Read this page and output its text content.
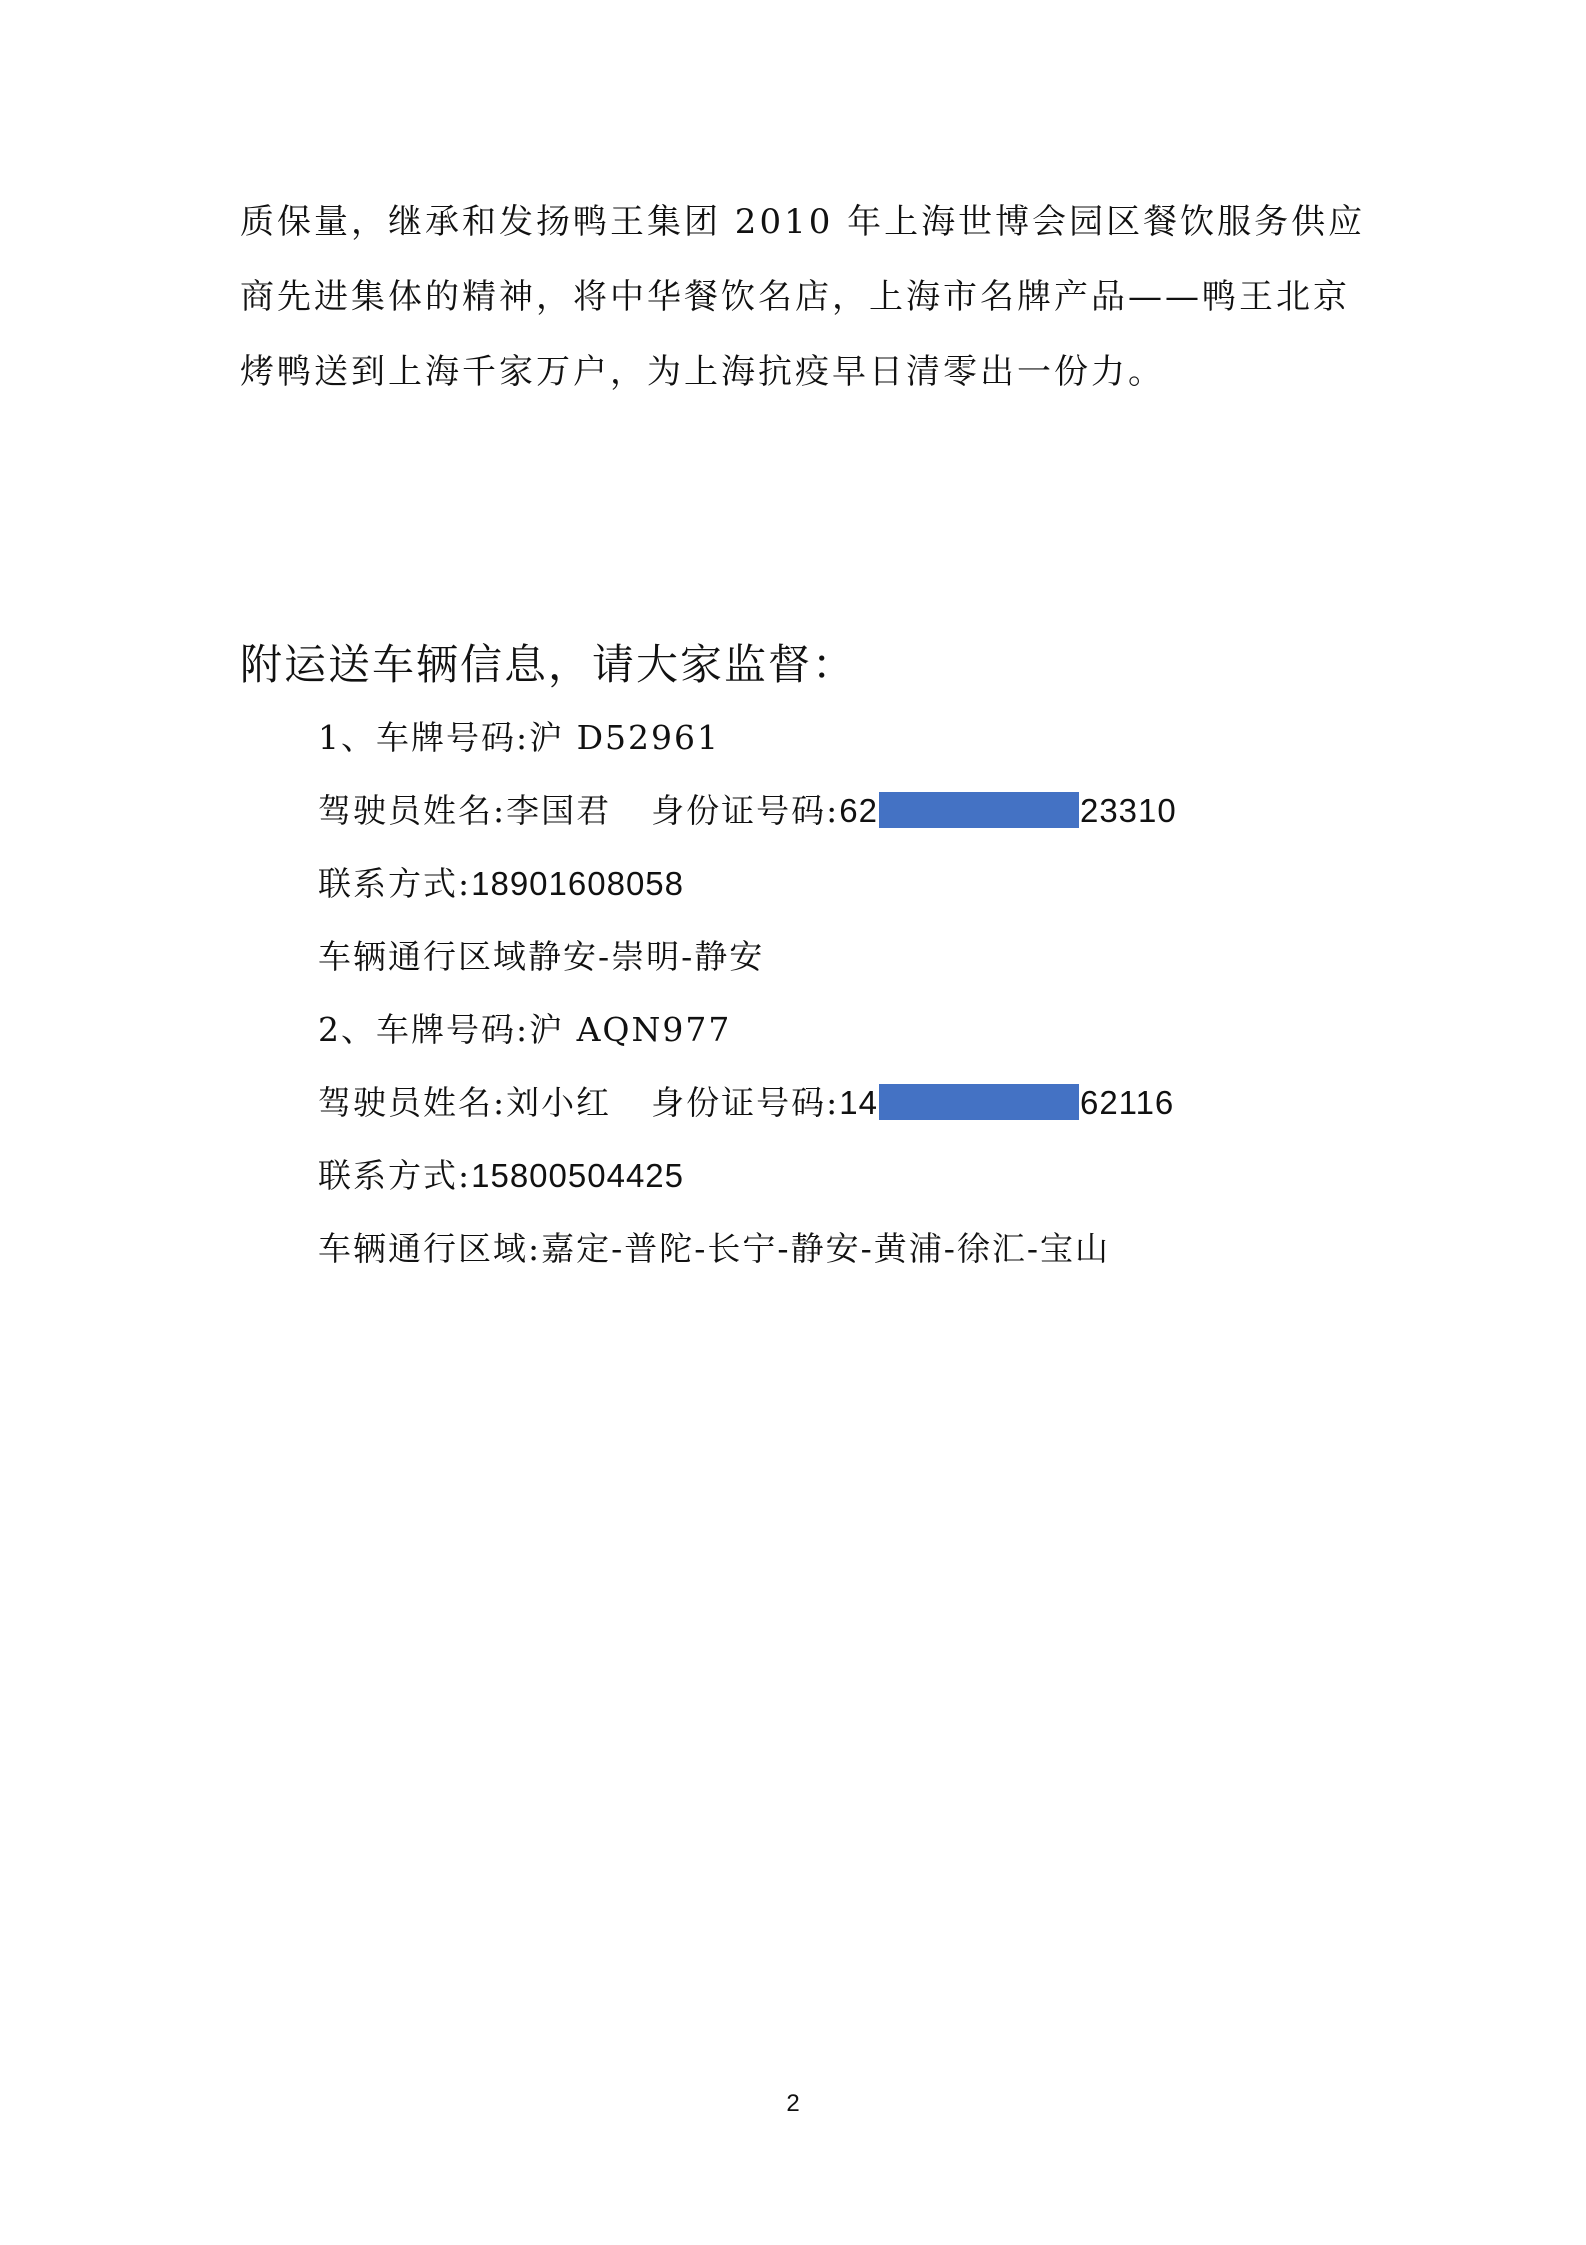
质保量，继承和发扬鸭王集团 2010 年上海世博会园区餐饮服务供应
商先进集体的精神，将中华餐饮名店，上海市名牌产品——鸭王北京
烤鸭送到上海千家万户，为上海抗疫早日清零出一份力。

附运送车辆信息，请大家监督：
1、车牌号码:沪 D52961
驾驶员姓名:李国君 身份证号码:62	23310
联系方式:18901608058
车辆通行区域静安-崇明-静安
2、车牌号码:沪 AQN977
驾驶员姓名:刘小红 身份证号码:14	62116
联系方式:15800504425
车辆通行区域:嘉定-普陀-长宁-静安-黄浦-徐汇-宝山
2
